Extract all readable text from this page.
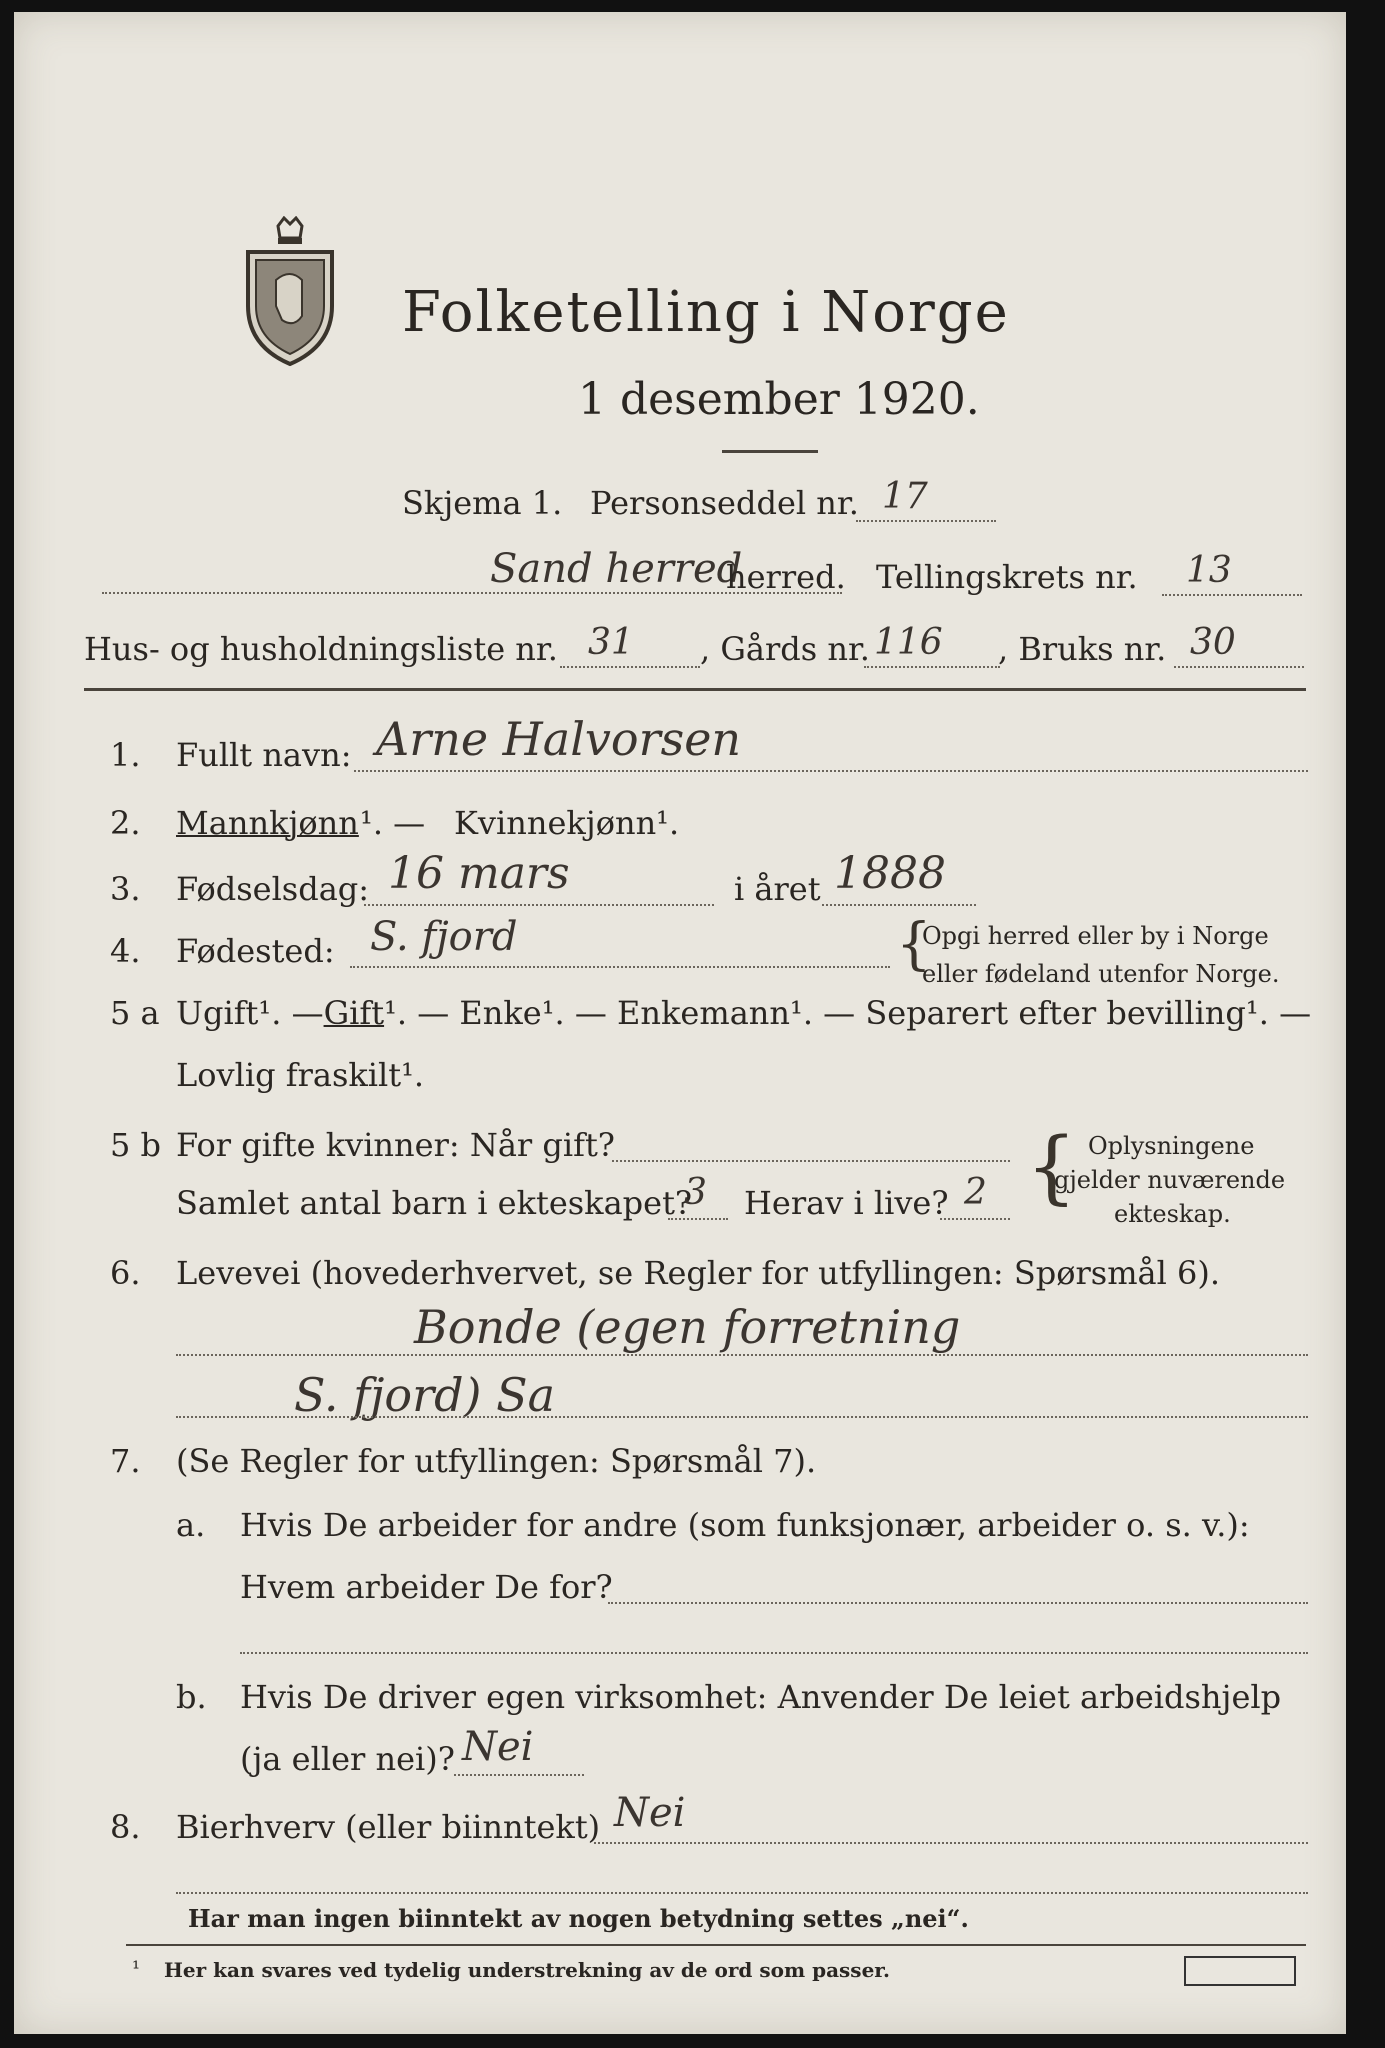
Folketelling i Norge
1 desember 1920.
Skjema 1. Personseddel nr. 17
Sand herred
herred. Tellingskrets nr. 13
Hus- og husholdningsliste nr. 31 , Gårds nr. 116 , Bruks nr. 30
1.	Fullt navn: Arne Halvorsen
2.	Mannkjønn ¹. — Kvinnekjønn¹.
3.	Fødselsdag: 16 mars	i året 1888
4.	Fødested: S. fjord	{
Opgi herred eller by i Norge
eller fødeland utenfor Norge.
5 a Ugift¹. —Gift¹. — Enke¹. — Enkemann¹. — Separert efter bevilling¹. —
Lovlig fraskilt¹.
5 b For gifte kvinner: Når gift?
Samlet antal barn i ekteskapet?
3 Herav i live? 2 { Oplysningene
gjelder nuværende
ekteskap.
6.	Levevei (hovederhvervet, se Regler for utfyllingen: Spørsmål 6).
Bonde (egen forretning
S. fjord) Sa
7.	(Se Regler for utfyllingen: Spørsmål 7).
a. Hvis De arbeider for andre (som funksjonær, arbeider o. s. v.):
Hvem arbeider De for?
b. Hvis De driver egen virksomhet: Anvender De leiet arbeidshjelp
(ja eller nei)? Nei
8.	Bierhverv (eller biinntekt) Nei
Har man ingen biinntekt av nogen betydning settes „nei“.
¹ Her kan svares ved tydelig understrekning av de ord som passer.
